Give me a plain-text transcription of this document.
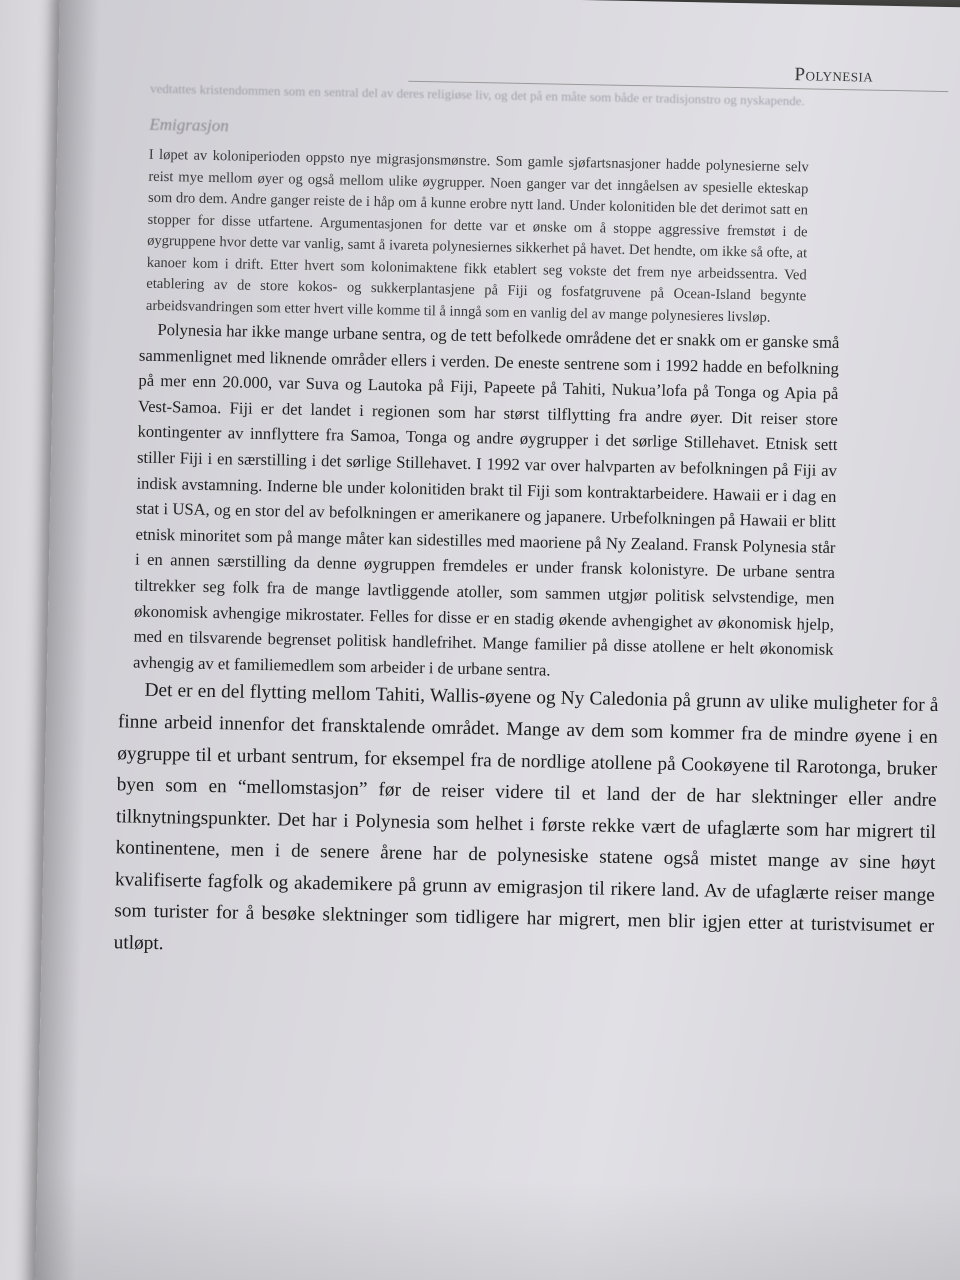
Polynesia

vedtattes kristendommen som en sentral del av deres religiøse liv, og det på en måte som både er tradisjonstro og nyskapende.

Emigrasjon

I løpet av koloniperioden oppsto nye migrasjonsmønstre. Som gamle sjøfartsnasjoner hadde polynesierne selv reist mye mellom øyer og også mellom ulike øygrupper. Noen ganger var det inngåelsen av spesielle ekteskap som dro dem. Andre ganger reiste de i håp om å kunne erobre nytt land. Under kolonitiden ble det derimot satt en stopper for disse utfartene. Argumentasjonen for dette var et ønske om å stoppe aggressive fremstøt i de øygruppene hvor dette var vanlig, samt å ivareta polynesiernes sikkerhet på havet. Det hendte, om ikke så ofte, at kanoer kom i drift. Etter hvert som kolonimaktene fikk etablert seg vokste det frem nye arbeidssentra. Ved etablering av de store kokos- og sukkerplantasjene på Fiji og fosfatgruvene på Ocean-Island begynte arbeidsvandringen som etter hvert ville komme til å inngå som en vanlig del av mange polynesieres livsløp.

Polynesia har ikke mange urbane sentra, og de tett befolkede områdene det er snakk om er ganske små sammenlignet med liknende områder ellers i verden. De eneste sentrene som i 1992 hadde en befolkning på mer enn 20.000, var Suva og Lautoka på Fiji, Papeete på Tahiti, Nukua’lofa på Tonga og Apia på Vest-Samoa. Fiji er det landet i regionen som har størst tilflytting fra andre øyer. Dit reiser store kontingenter av innflyttere fra Samoa, Tonga og andre øygrupper i det sørlige Stillehavet. Etnisk sett stiller Fiji i en særstilling i det sørlige Stillehavet. I 1992 var over halvparten av befolkningen på Fiji av indisk avstamning. Inderne ble under kolonitiden brakt til Fiji som kontraktarbeidere. Hawaii er i dag en stat i USA, og en stor del av befolkningen er amerikanere og japanere. Urbefolkningen på Hawaii er blitt etnisk minoritet som på mange måter kan sidestilles med maoriene på Ny Zealand. Fransk Polynesia står i en annen særstilling da denne øygruppen fremdeles er under fransk kolonistyre. De urbane sentra tiltrekker seg folk fra de mange lavtliggende atoller, som sammen utgjør politisk selvstendige, men økonomisk avhengige mikrostater. Felles for disse er en stadig økende avhengighet av økonomisk hjelp, med en tilsvarende begrenset politisk handlefrihet. Mange familier på disse atollene er helt økonomisk avhengig av et familiemedlem som arbeider i de urbane sentra.

Det er en del flytting mellom Tahiti, Wallis-øyene og Ny Caledonia på grunn av ulike muligheter for å finne arbeid innenfor det fransktalende området. Mange av dem som kommer fra de mindre øyene i en øygruppe til et urbant sentrum, for eksempel fra de nordlige atollene på Cookøyene til Rarotonga, bruker byen som en “mellomstasjon” før de reiser videre til et land der de har slektninger eller andre tilknytningspunkter. Det har i Polynesia som helhet i første rekke vært de ufaglærte som har migrert til kontinentene, men i de senere årene har de polynesiske statene også mistet mange av sine høyt kvalifiserte fagfolk og akademikere på grunn av emigrasjon til rikere land. Av de ufaglærte reiser mange som turister for å besøke slektninger som tidligere har migrert, men blir igjen etter at turistvisumet er utløpt.
